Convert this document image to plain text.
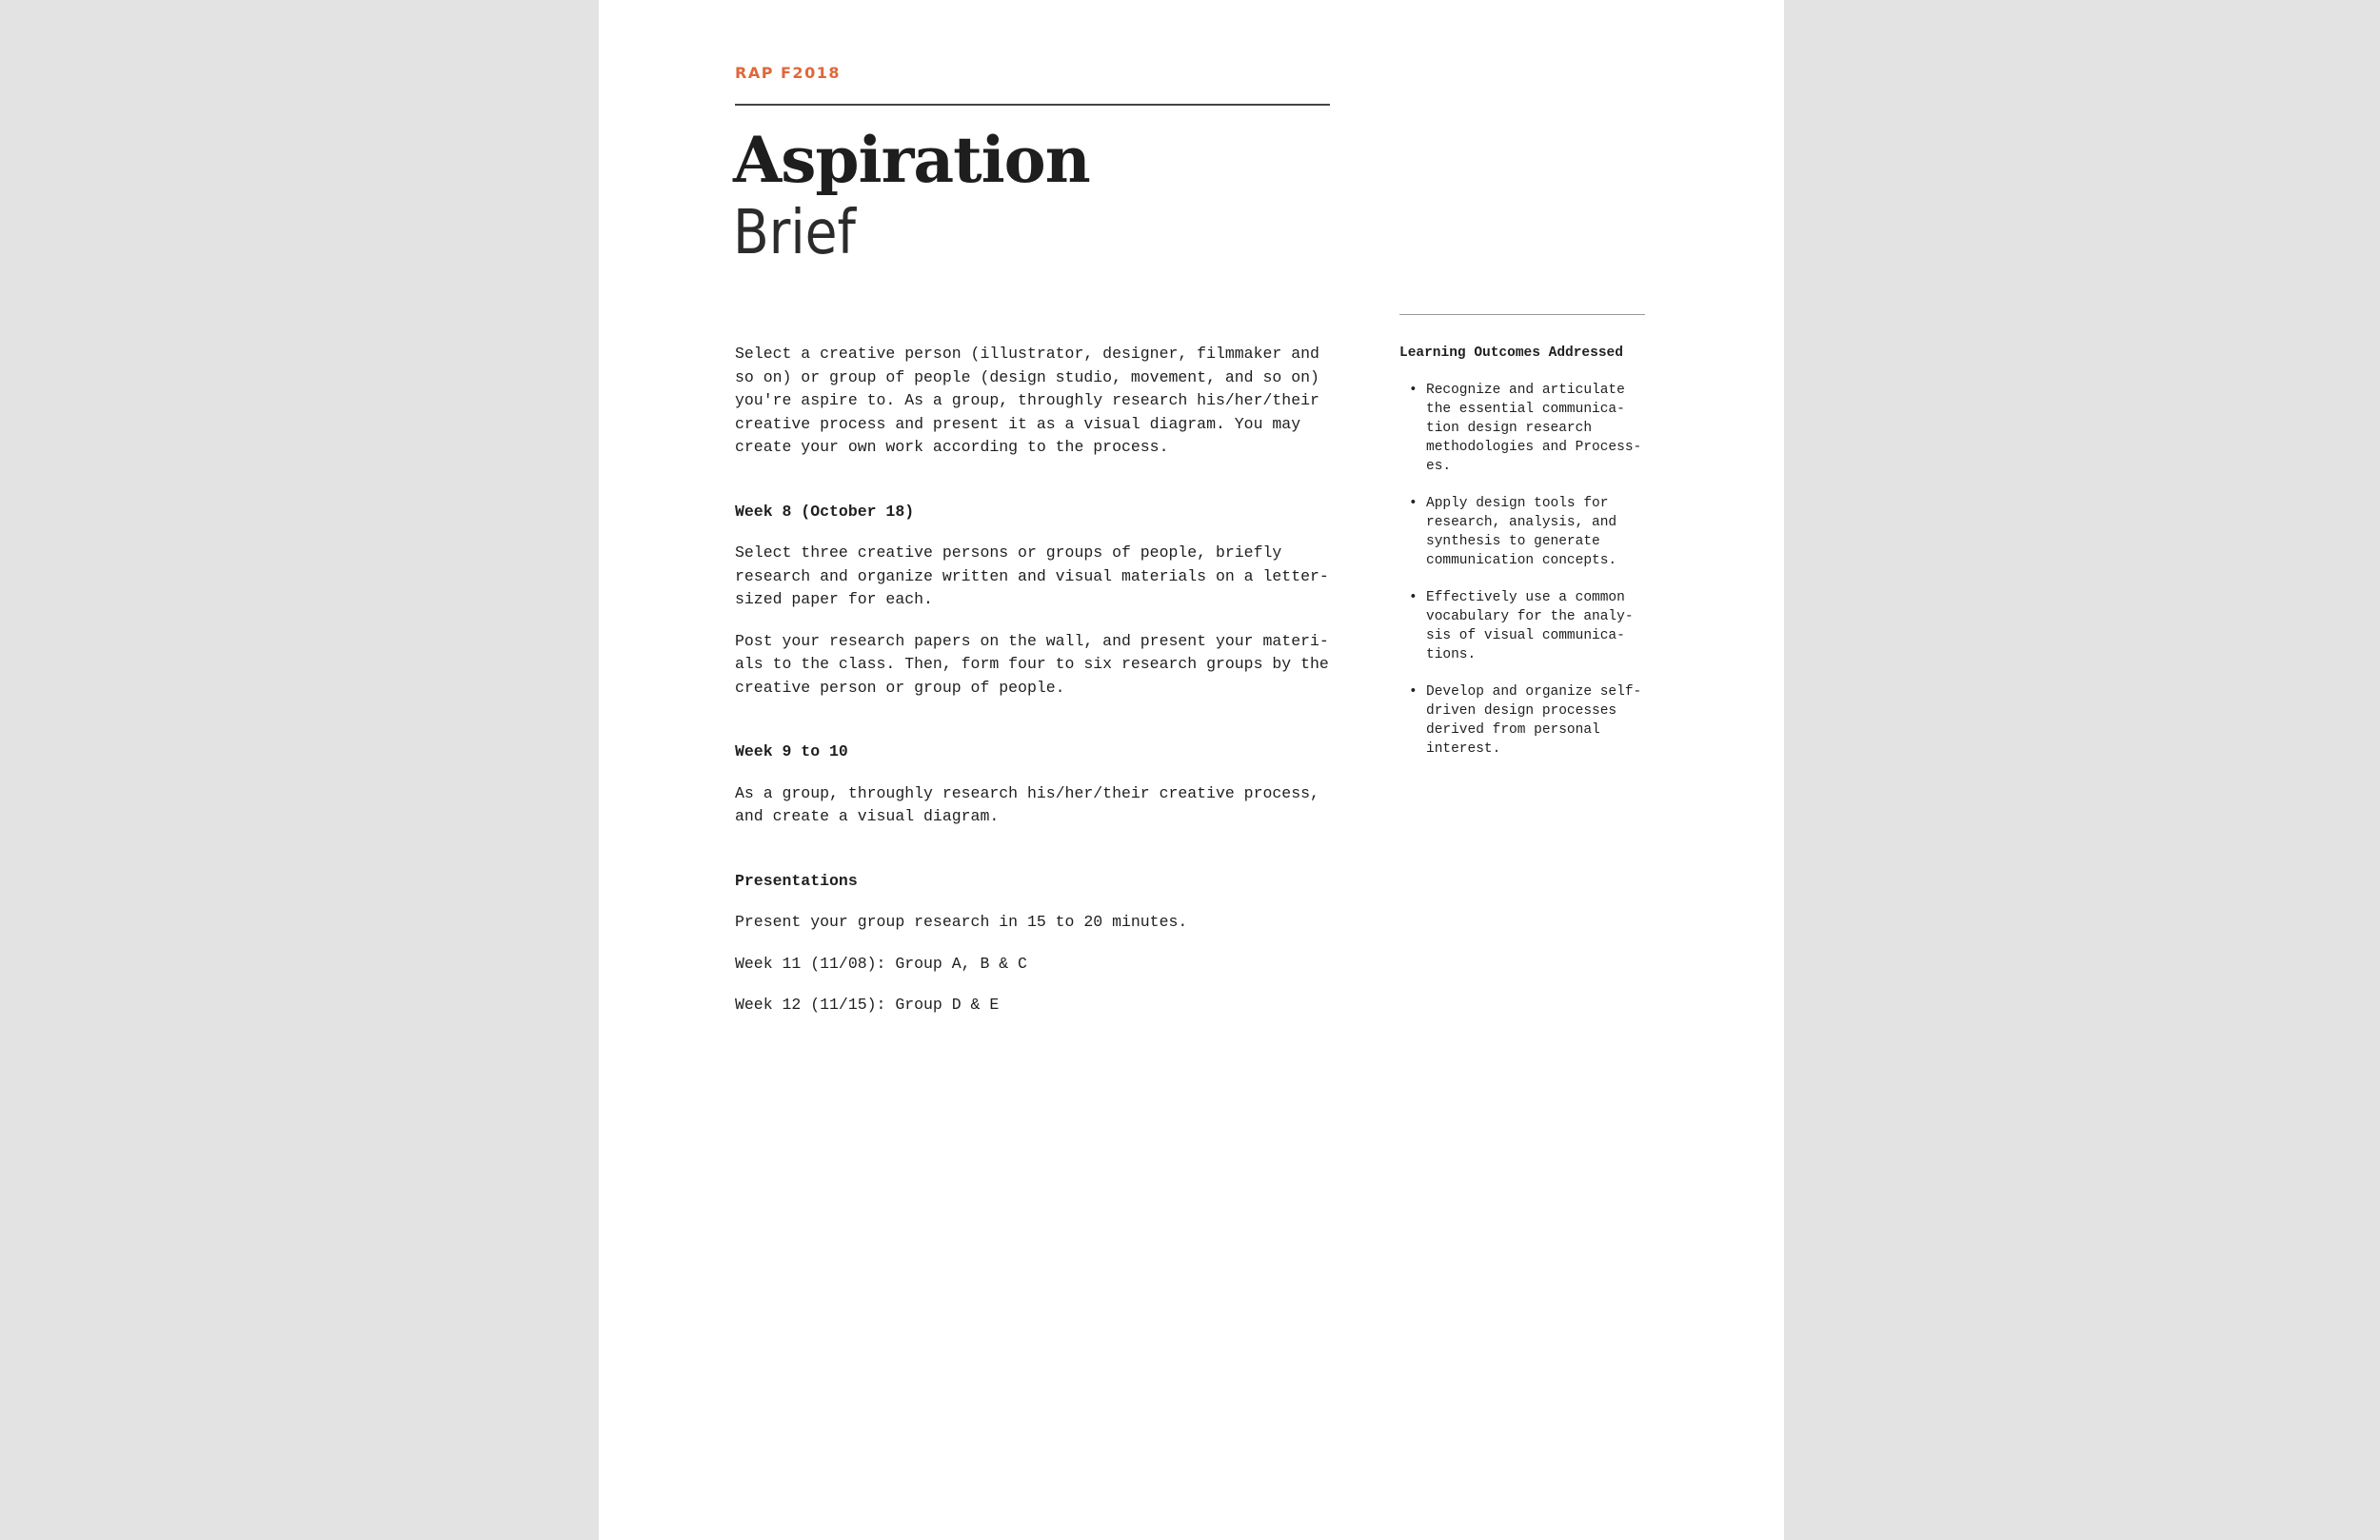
RAP F2018
Aspiration
Brief

Select a creative person (illustrator, designer, filmmaker and so on) or group of people (design studio, movement, and so on) you're aspire to. As a group, throughly research his/her/their creative process and present it as a visual diagram. You may create your own work according to the process.

Week 8 (October 18)

Select three creative persons or groups of people, briefly research and organize written and visual materials on a letter-sized paper for each.

Post your research papers on the wall, and present your materi-als to the class. Then, form four to six research groups by the creative person or group of people.

Week 9 to 10

As a group, throughly research his/her/their creative process, and create a visual diagram.

Presentations

Present your group research in 15 to 20 minutes.

Week 11 (11/08): Group A, B & C

Week 12 (11/15): Group D & E

Learning Outcomes Addressed

• Recognize and articulate the essential communica-tion design research methodologies and Process-es.
• Apply design tools for research, analysis, and synthesis to generate communication concepts.
• Effectively use a common vocabulary for the analy-sis of visual communica-tions.
• Develop and organize self-driven design processes derived from personal interest.
